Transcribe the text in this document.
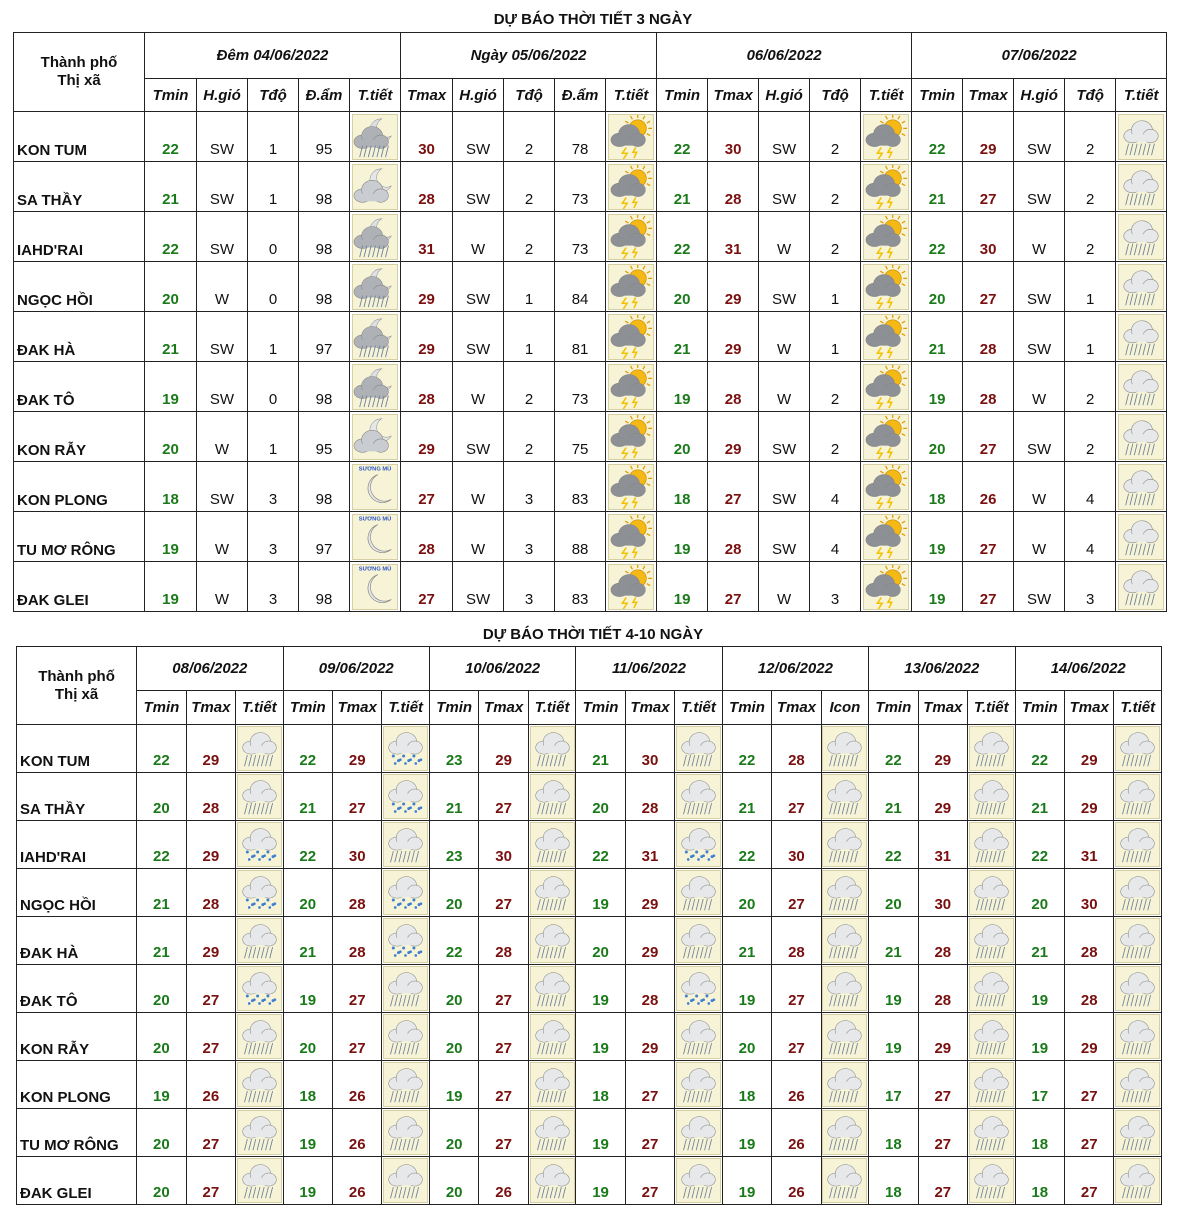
DỰ BÁO THỜI TIẾT 3 NGÀY
Thành phố
Thị xã	Đêm 04/06/2022					Ngày 05/06/2022					06/06/2022					07/06/2022				
	Tmin	H.gió	Tđộ	Đ.ẩm	T.tiết	Tmax	H.gió	Tđộ	Đ.ẩm	T.tiết	Tmin	Tmax	H.gió	Tđộ	T.tiết	Tmin	Tmax	H.gió	Tđộ	T.tiết

KON TUM	22	SW	1	95		30	SW	2	78		22	30	SW	2		22	29	SW	2	

SA THẦY	21	SW	1	98		28	SW	2	73		21	28	SW	2		21	27	SW	2	

IAHD'RAI	22	SW	0	98		31	W	2	73		22	31	W	2		22	30	W	2	

NGỌC HỒI	20	W	0	98		29	SW	1	84		20	29	SW	1		20	27	SW	1	

ĐAK HÀ	21	SW	1	97		29	SW	1	81		21	29	W	1		21	28	SW	1	

ĐAK TÔ	19	SW	0	98		28	W	2	73		19	28	W	2		19	28	W	2	

KON RẪY	20	W	1	95		29	SW	2	75		20	29	SW	2		20	27	SW	2	

KON PLONG	18	SW	3	98	SƯƠNG MÙ	27	W	3	83		18	27	SW	4		18	26	W	4	

TU MƠ RÔNG	19	W	3	97	SƯƠNG MÙ	28	W	3	88		19	28	SW	4		19	27	W	4	

ĐAK GLEI	19	W	3	98	SƯƠNG MÙ	27	SW	3	83		19	27	W	3		19	27	SW	3	
DỰ BÁO THỜI TIẾT 4-10 NGÀY
Thành phố
Thị xã	08/06/2022			09/06/2022			10/06/2022			11/06/2022			12/06/2022			13/06/2022			14/06/2022		
	Tmin	Tmax	T.tiết	Tmin	Tmax	T.tiết	Tmin	Tmax	T.tiết	Tmin	Tmax	T.tiết	Tmin	Tmax	Icon	Tmin	Tmax	T.tiết	Tmin	Tmax	T.tiết
KON TUM	22	29		22	29		23	29		21	30		22	28		22	29		22	29	

SA THẦY	20	28		21	27		21	27		20	28		21	27		21	29		21	29	

IAHD'RAI	22	29		22	30		23	30		22	31		22	30		22	31		22	31	

NGỌC HỒI	21	28		20	28		20	27		19	29		20	27		20	30		20	30	

ĐAK HÀ	21	29		21	28		22	28		20	29		21	28		21	28		21	28	

ĐAK TÔ	20	27		19	27		20	27		19	28		19	27		19	28		19	28	

KON RẪY	20	27		20	27		20	27		19	29		20	27		19	29		19	29	

KON PLONG	19	26		18	26		19	27		18	27		18	26		17	27		17	27	

TU MƠ RÔNG	20	27		19	26		20	27		19	27		19	26		18	27		18	27	

ĐAK GLEI	20	27		19	26		20	26		19	27		19	26		18	27		18	27	
